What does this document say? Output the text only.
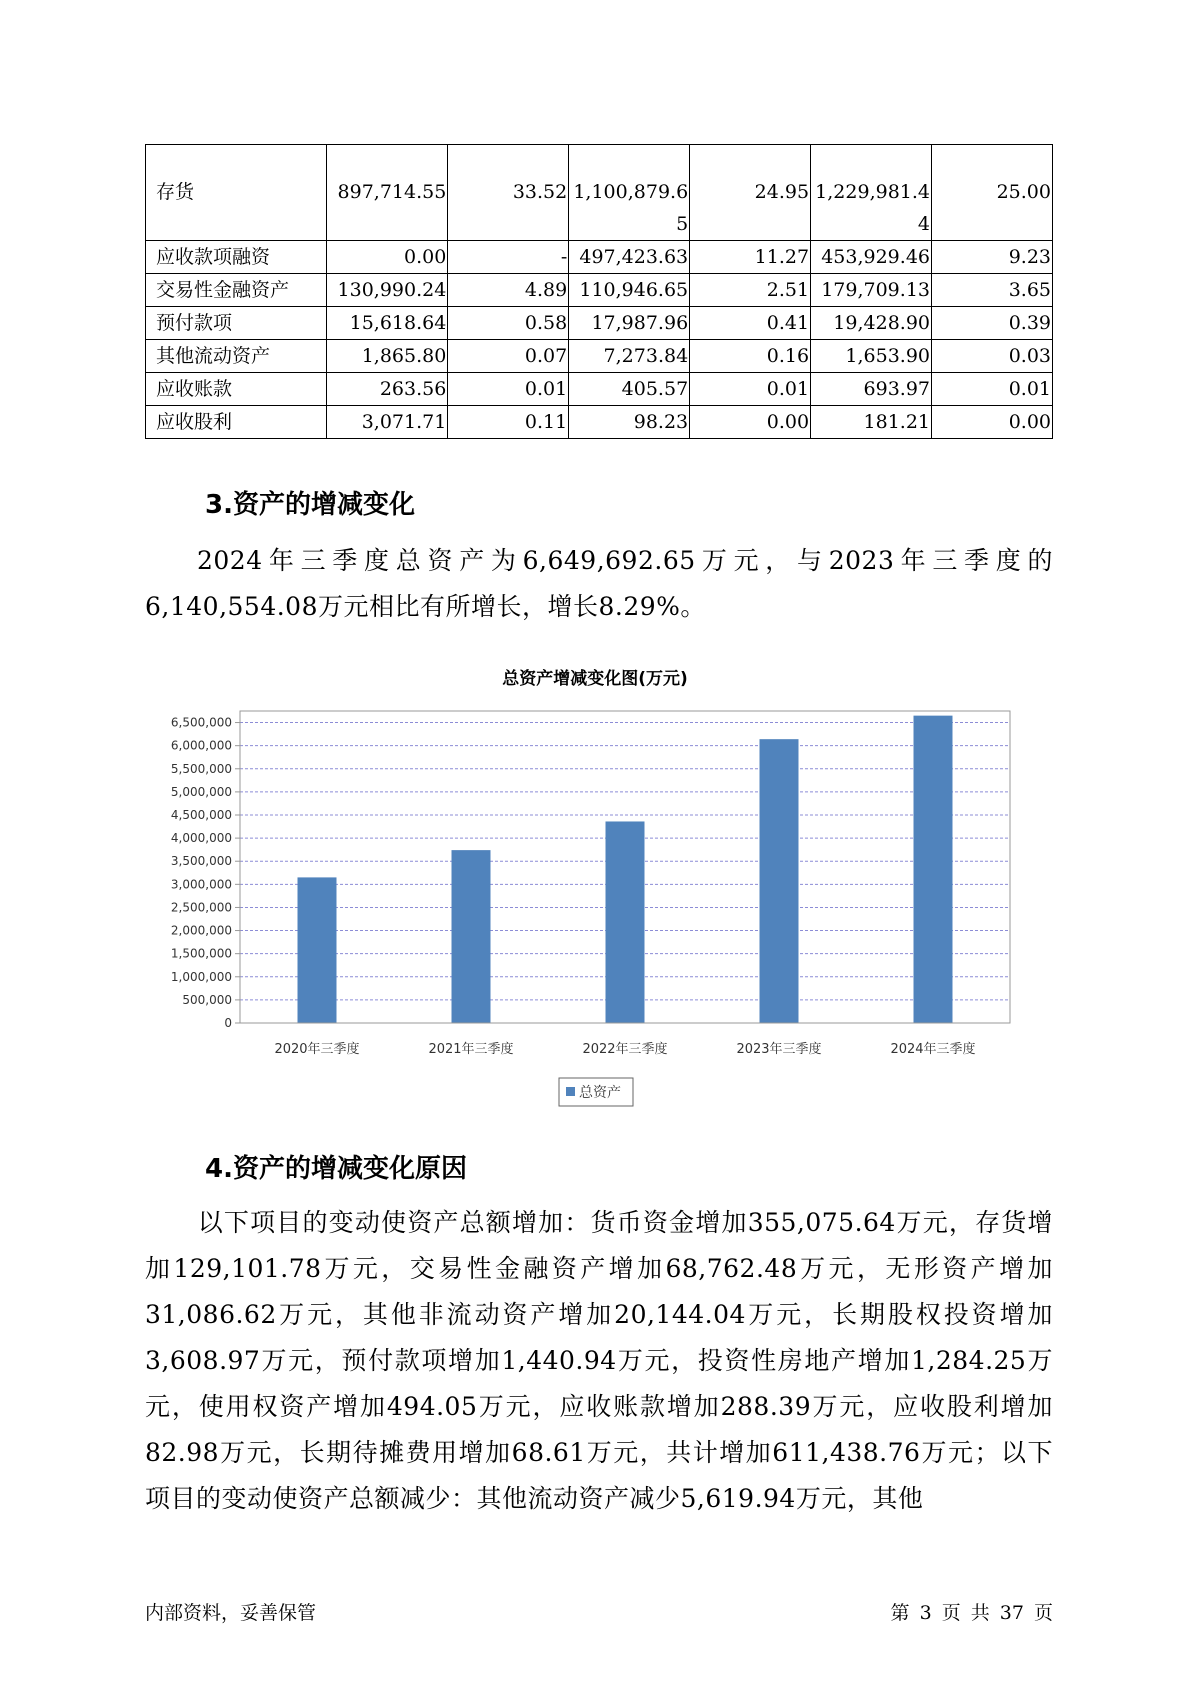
存货	897,714.55	33.52	1,100,879.65	24.95	1,229,981.44	25.00
应收款项融资	0.00	-	497,423.63	11.27	453,929.46	9.23
交易性金融资产	130,990.24	4.89	110,946.65	2.51	179,709.13	3.65
预付款项	15,618.64	0.58	17,987.96	0.41	19,428.90	0.39
其他流动资产	1,865.80	0.07	7,273.84	0.16	1,653.90	0.03
应收账款	263.56	0.01	405.57	0.01	693.97	0.01
应收股利	3,071.71	0.11	98.23	0.00	181.21	0.00
3.资产的增减变化

2024年三季度总资产为6,649,692.65万元，与2023年三季度的6,140,554.08万元相比有所增长，增长8.29%。

总资产增减变化图(万元)
0
500,000
1,000,000
1,500,000
2,000,000
2,500,000
3,000,000
3,500,000
4,000,000
4,500,000
5,000,000
5,500,000
6,000,000
6,500,000
2020年三季度	2021年三季度	2022年三季度	2023年三季度	2024年三季度
总资产
4.资产的增减变化原因

以下项目的变动使资产总额增加：货币资金增加355,075.64万元，存货增加129,101.78万元，交易性金融资产增加68,762.48万元，无形资产增加31,086.62万元，其他非流动资产增加20,144.04万元，长期股权投资增加3,608.97万元，预付款项增加1,440.94万元，投资性房地产增加1,284.25万元，使用权资产增加494.05万元，应收账款增加288.39万元，应收股利增加82.98万元，长期待摊费用增加68.61万元，共计增加611,438.76万元；以下项目的变动使资产总额减少：其他流动资产减少5,619.94万元，其他

内部资料，妥善保管	第 3 页 共 37 页
